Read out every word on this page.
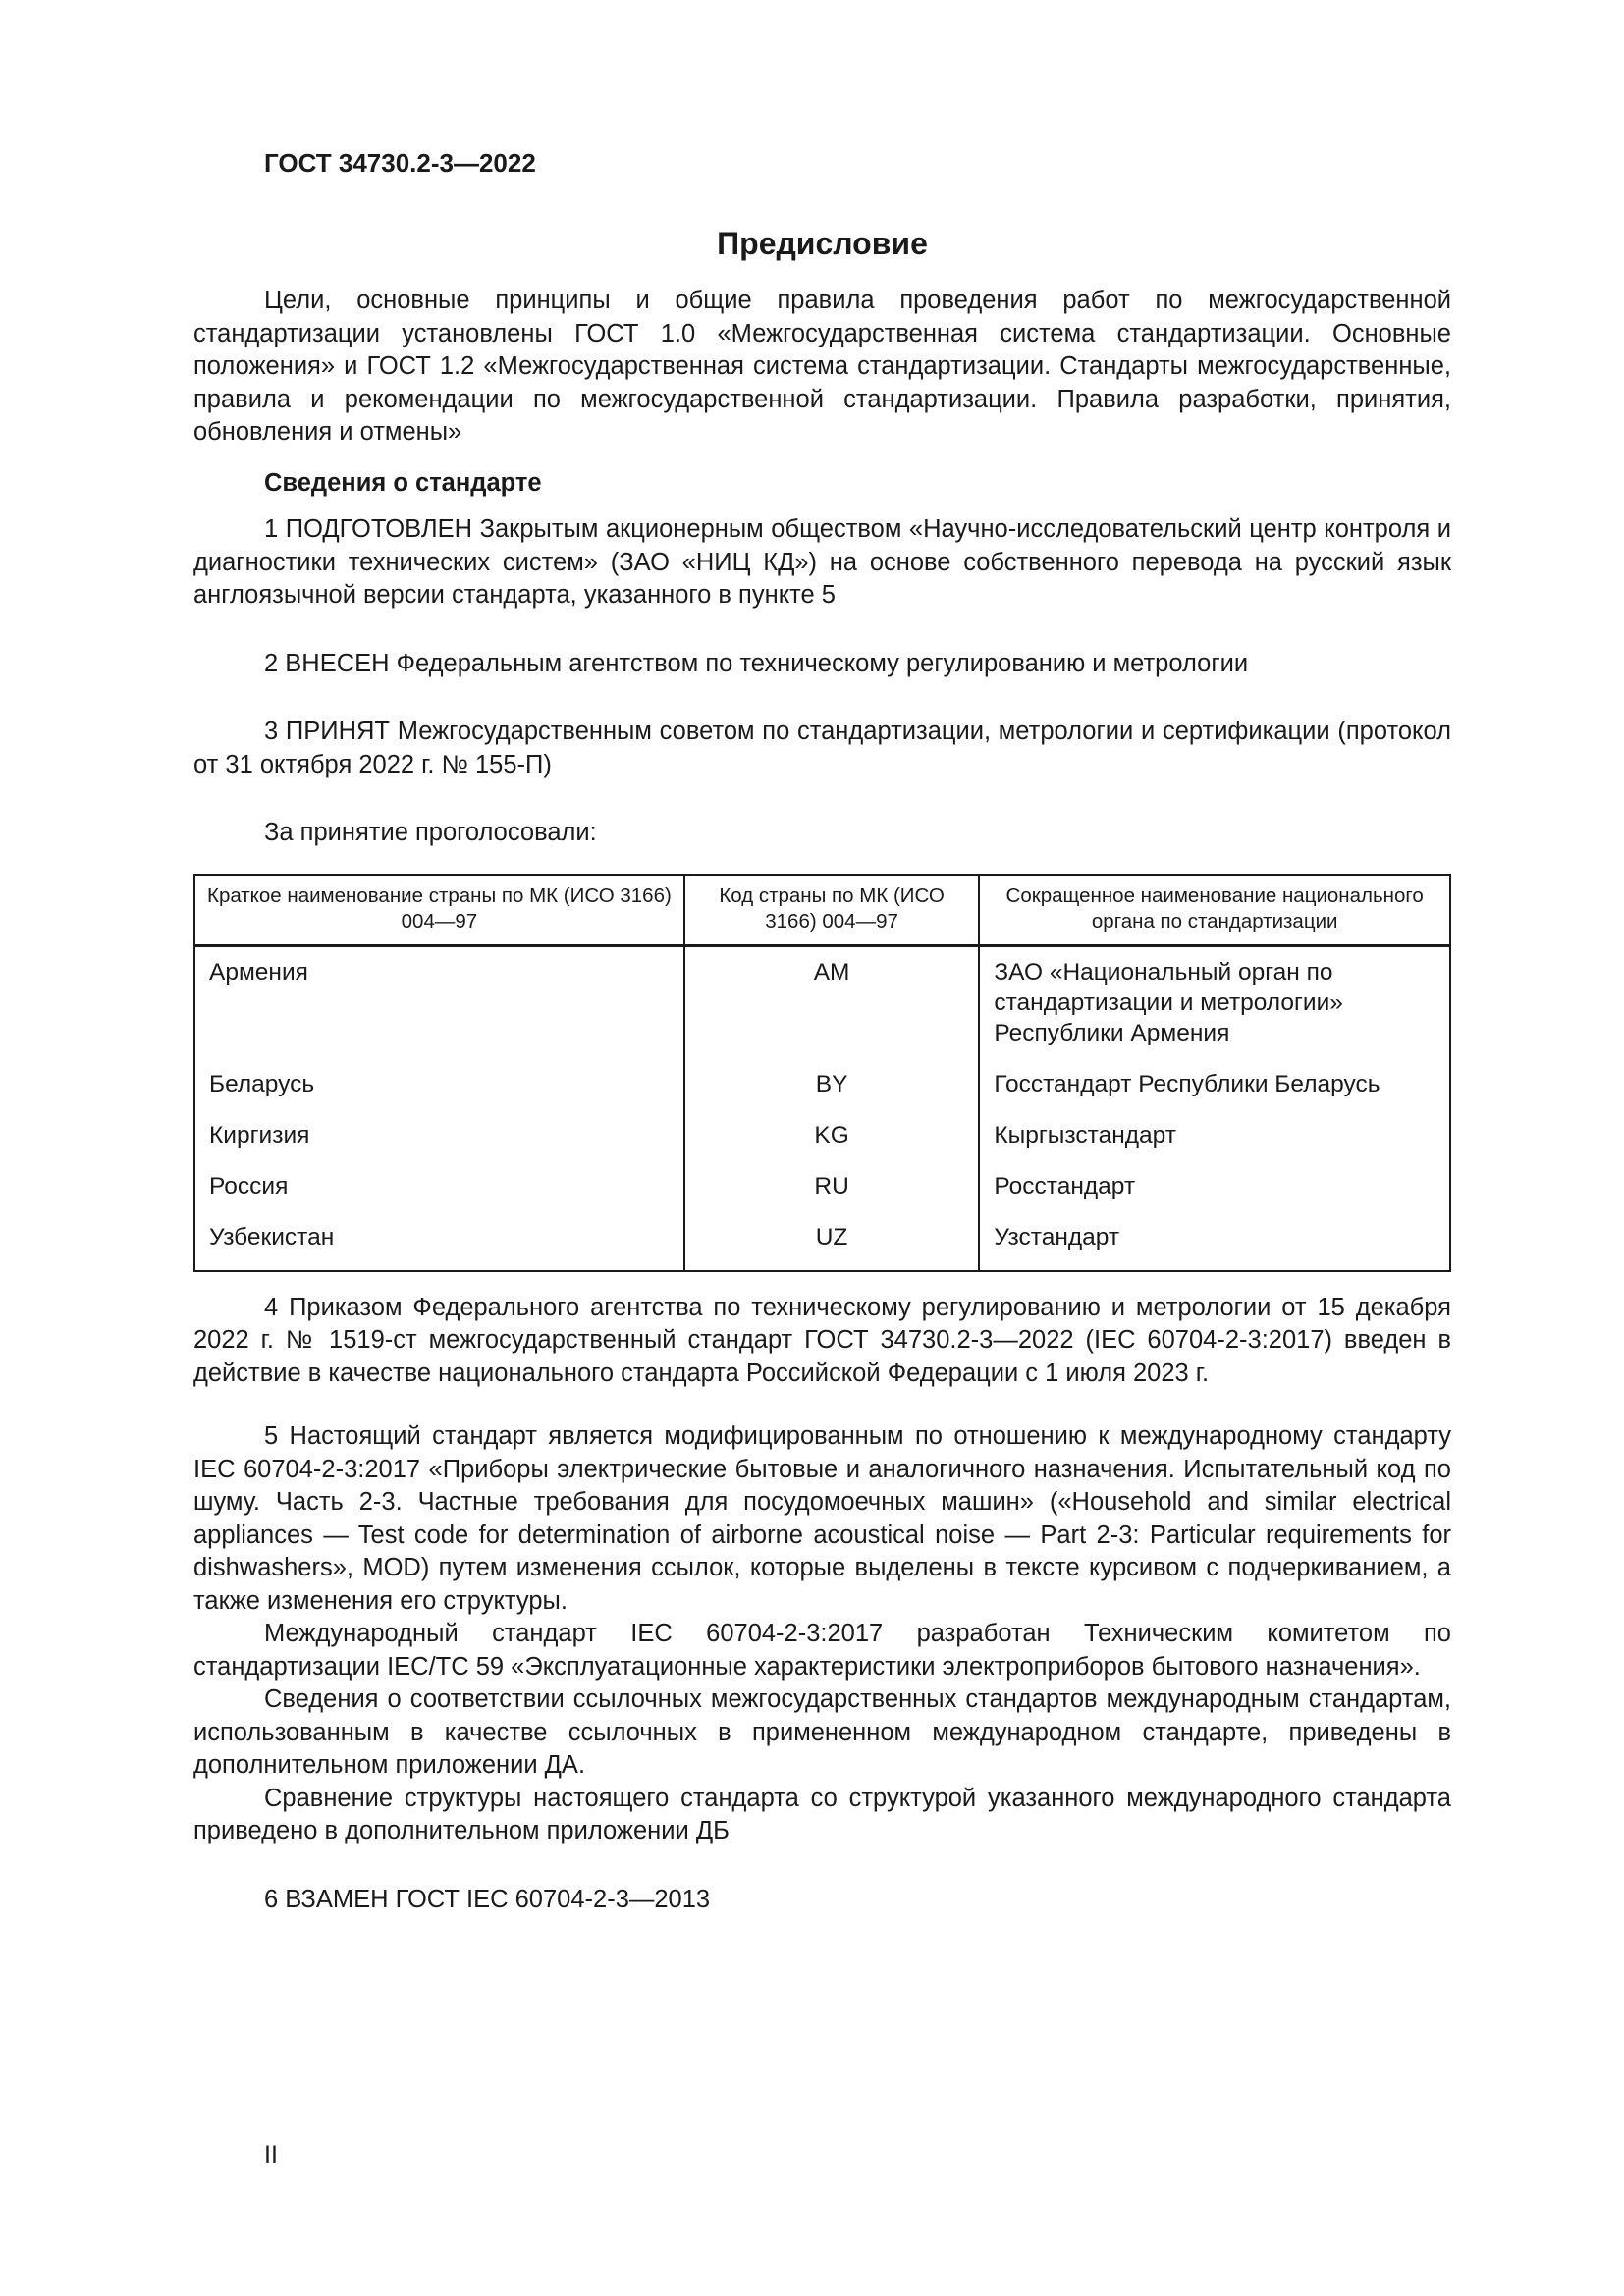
ГОСТ 34730.2-3—2022

Предисловие

Цели, основные принципы и общие правила проведения работ по межгосударственной стандартизации установлены ГОСТ 1.0 «Межгосударственная система стандартизации. Основные положения» и ГОСТ 1.2 «Межгосударственная система стандартизации. Стандарты межгосударственные, правила и рекомендации по межгосударственной стандартизации. Правила разработки, принятия, обновления и отмены»

Сведения о стандарте

1 ПОДГОТОВЛЕН Закрытым акционерным обществом «Научно-исследовательский центр контроля и диагностики технических систем» (ЗАО «НИЦ КД») на основе собственного перевода на русский язык англоязычной версии стандарта, указанного в пункте 5

2 ВНЕСЕН Федеральным агентством по техническому регулированию и метрологии

3 ПРИНЯТ Межгосударственным советом по стандартизации, метрологии и сертификации (протокол от 31 октября 2022 г. № 155-П)

За принятие проголосовали:

Краткое наименование страны по МК (ИСО 3166) 004—97	Код страны по МК (ИСО 3166) 004—97	Сокращенное наименование национального органа по стандартизации
Армения	AM	ЗАО «Национальный орган по стандартизации и метрологии» Республики Армения
Беларусь	BY	Госстандарт Республики Беларусь
Киргизия	KG	Кыргызстандарт
Россия	RU	Росстандарт
Узбекистан	UZ	Узстандарт

4 Приказом Федерального агентства по техническому регулированию и метрологии от 15 декабря 2022 г. № 1519-ст межгосударственный стандарт ГОСТ 34730.2-3—2022 (IEC 60704-2-3:2017) введен в действие в качестве национального стандарта Российской Федерации с 1 июля 2023 г.

5 Настоящий стандарт является модифицированным по отношению к международному стандарту IEC 60704-2-3:2017 «Приборы электрические бытовые и аналогичного назначения. Испытательный код по шуму. Часть 2-3. Частные требования для посудомоечных машин» («Household and similar electrical appliances — Test code for determination of airborne acoustical noise — Part 2-3: Particular requirements for dishwashers», MOD) путем изменения ссылок, которые выделены в тексте курсивом с подчеркиванием, а также изменения его структуры.

Международный стандарт IEC 60704-2-3:2017 разработан Техническим комитетом по стандартизации IEC/TC 59 «Эксплуатационные характеристики электроприборов бытового назначения».

Сведения о соответствии ссылочных межгосударственных стандартов международным стандартам, использованным в качестве ссылочных в примененном международном стандарте, приведены в дополнительном приложении ДА.

Сравнение структуры настоящего стандарта со структурой указанного международного стандарта приведено в дополнительном приложении ДБ

6 ВЗАМЕН ГОСТ IEC 60704-2-3—2013

II
